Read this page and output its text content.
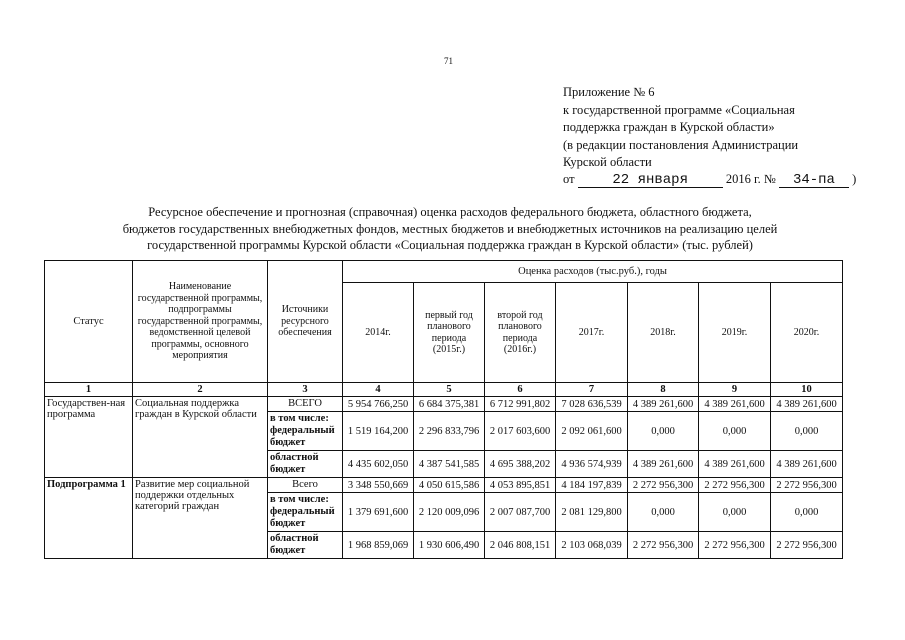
71
Приложение № 6
к государственной программе «Социальная
поддержка граждан в Курской области»
(в редакции постановления Администрации
Курской области
от	22 января	2016 г. № 34-па )
Ресурсное обеспечение и прогнозная (справочная) оценка расходов федерального бюджета, областного бюджета,
бюджетов государственных внебюджетных фондов, местных бюджетов и внебюджетных источников на реализацию целей
государственной программы Курской области «Социальная поддержка граждан в Курской области» (тыс. рублей)
Статус	Наименование государственной программы, подпрограммы государственной программы, ведомственной целевой программы, основного мероприятия	Источники ресурсного обеспечения	Оценка расходов (тыс.руб.), годы						
			2014г.	первый год планового периода (2015г.)	второй год планового периода (2016г.)	2017г.	2018г.	2019г.	2020г.
1	2	3	4	5	6	7	8	9	10
Государствен-ная программа	Социальная поддержка граждан в Курской области	ВСЕГО	5 954 766,250	6 684 375,381	6 712 991,802	7 028 636,539	4 389 261,600	4 389 261,600	4 389 261,600
		в том числе: федеральный бюджет	1 519 164,200	2 296 833,796	2 017 603,600	2 092 061,600	0,000	0,000	0,000
		областной бюджет	4 435 602,050	4 387 541,585	4 695 388,202	4 936 574,939	4 389 261,600	4 389 261,600	4 389 261,600
Подпрограмма 1	Развитие мер социальной поддержки отдельных категорий граждан	Всего	3 348 550,669	4 050 615,586	4 053 895,851	4 184 197,839	2 272 956,300	2 272 956,300	2 272 956,300
		в том числе: федеральный бюджет	1 379 691,600	2 120 009,096	2 007 087,700	2 081 129,800	0,000	0,000	0,000
		областной бюджет	1 968 859,069	1 930 606,490	2 046 808,151	2 103 068,039	2 272 956,300	2 272 956,300	2 272 956,300
